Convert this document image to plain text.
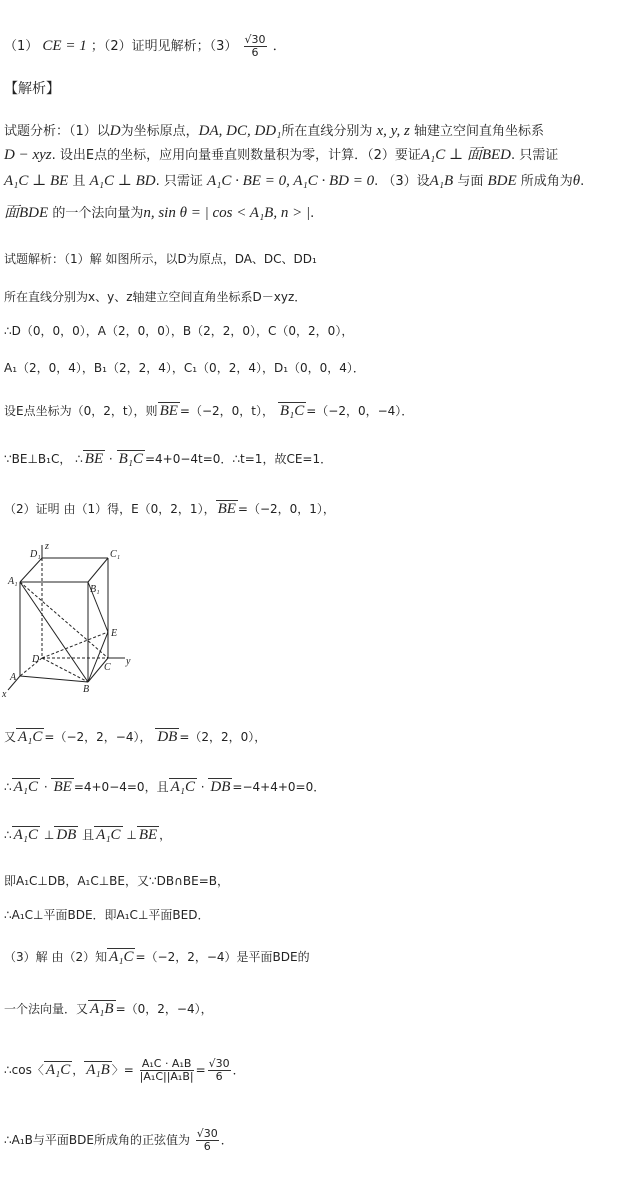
（1） CE = 1 ；（2）证明见解析；$(3) \frac{√30}{6}$ ．
【解析】
试题分析：（1）以D为坐标原点，DA, DC, DD₁所在直线分别为 x, y, z 轴建立空间直角坐标系
D − xyz. 设出E点的坐标，应用向量垂直则数量积为零，计算．（2）要证A₁C ⊥ 面BED. 只需证
A₁C ⊥ BE 且 A₁C ⊥ BD. 只需证 A₁C · BE = 0, A₁C · BD = 0. （3）设A₁B 与面 BDE 所成角为θ.
面BDE 的一个法向量为n, sin θ = | cos < A₁B, n > |.
试题解析：（1）解 如图所示，以D为原点，DA、DC、DD₁
所在直线分别为x、y、z轴建立空间直角坐标系D－xyz．
∴D（0，0，0），A（2，0，0），B（2，2，0），C（0，2，0），
A₁（2，0，4），B₁（2，2，4），C₁（0，2，4），D₁（0，0，4）．
设E点坐标为（0，2，t），则 BE =（−2，0，t）， B₁C =（−2，0，−4）．
∵BE⊥B₁C， ∴ BE · B₁C =4+0−4t=0．∴t=1，故CE=1．
（2）证明 由（1）得，E（0，2，1）， BE =（−2，0，1），
D₁
z
C₁
A₁
B₁
E
D
C
y
A
B
x
又 A₁C =（−2，2，−4）， DB =（2，2，0），
∴ A₁C · BE =4+0−4=0，且 A₁C · DB =−4+4+0=0．
∴ A₁C ⊥ DB 且 A₁C ⊥ BE ，
即A₁C⊥DB，A₁C⊥BE，又∵DB∩BE=B，
∴A₁C⊥平面BDE．即A₁C⊥平面BED．
（3）解 由（2）知 A₁C =（−2，2，−4）是平面BDE的
一个法向量．又 A₁B =（0，2，−4），
∴cos〈 A₁C ， A₁B 〉= $\frac{\text{A₁C · A₁B}}{\text{|A₁C||A₁B|}} = \frac{√30}{6}$ ．
∴A₁B与平面BDE所成角的正弦值为 $\frac{√30}{6}$ ．
